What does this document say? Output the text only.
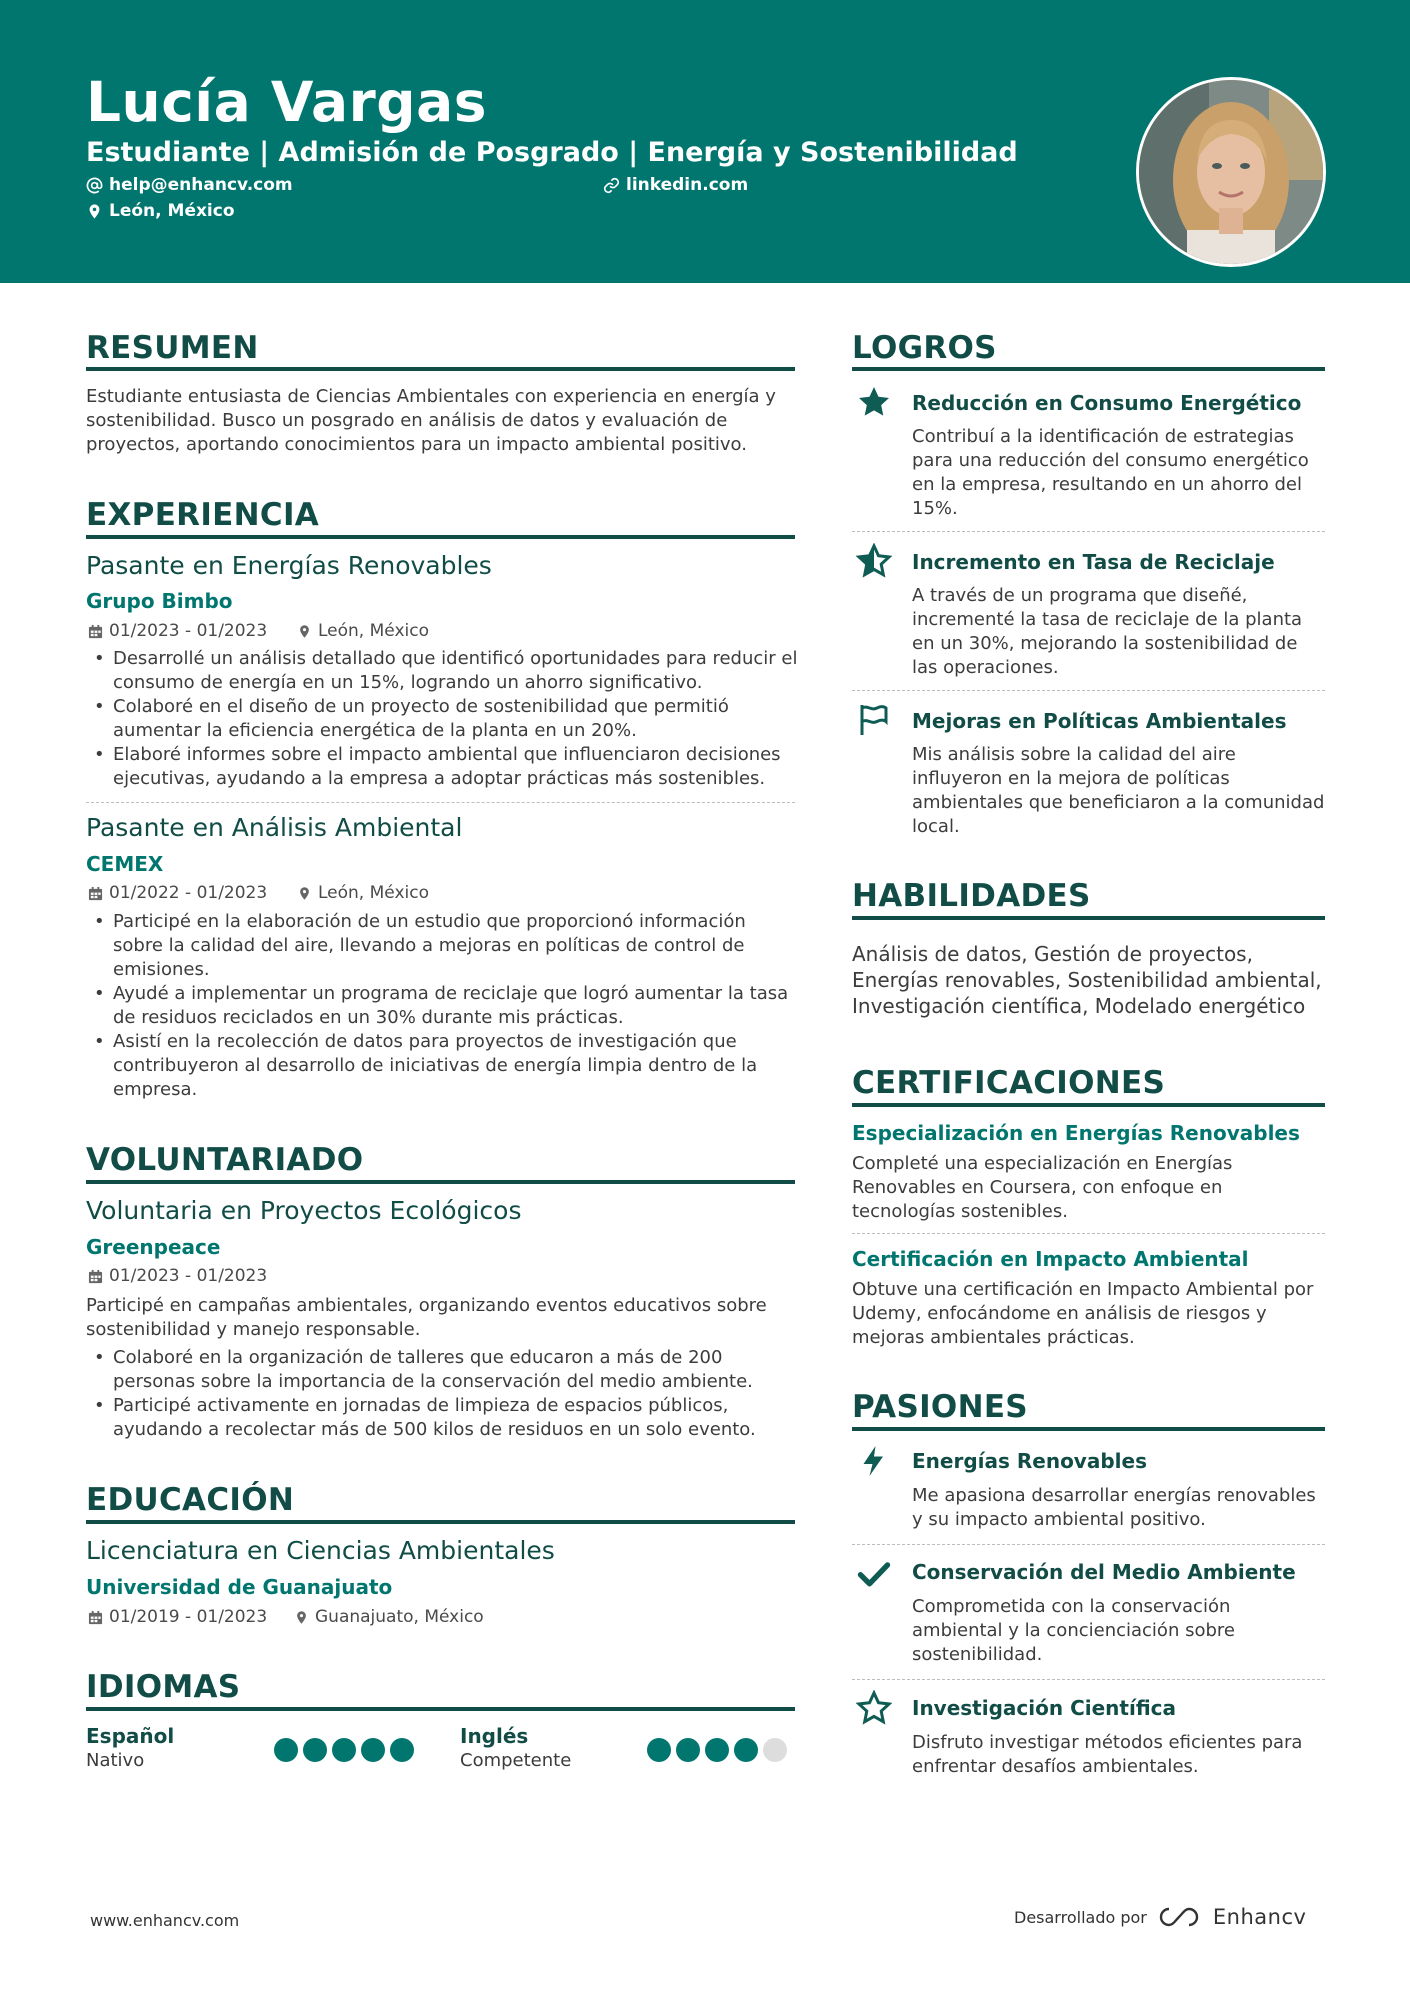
Lucía Vargas
Estudiante | Admisión de Posgrado | Energía y Sostenibilidad
help@enhancv.com	linkedin.com
León, México
RESUMEN
Estudiante entusiasta de Ciencias Ambientales con experiencia en energía y sostenibilidad. Busco un posgrado en análisis de datos y evaluación de proyectos, aportando conocimientos para un impacto ambiental positivo.
EXPERIENCIA
Pasante en Energías Renovables
Grupo Bimbo
01/2023 - 01/2023	León, México
• Desarrollé un análisis detallado que identificó oportunidades para reducir el consumo de energía en un 15%, logrando un ahorro significativo.
• Colaboré en el diseño de un proyecto de sostenibilidad que permitió aumentar la eficiencia energética de la planta en un 20%.
• Elaboré informes sobre el impacto ambiental que influenciaron decisiones ejecutivas, ayudando a la empresa a adoptar prácticas más sostenibles.
Pasante en Análisis Ambiental
CEMEX
01/2022 - 01/2023	León, México
• Participé en la elaboración de un estudio que proporcionó información sobre la calidad del aire, llevando a mejoras en políticas de control de emisiones.
• Ayudé a implementar un programa de reciclaje que logró aumentar la tasa de residuos reciclados en un 30% durante mis prácticas.
• Asistí en la recolección de datos para proyectos de investigación que contribuyeron al desarrollo de iniciativas de energía limpia dentro de la empresa.
VOLUNTARIADO
Voluntaria en Proyectos Ecológicos
Greenpeace
01/2023 - 01/2023
Participé en campañas ambientales, organizando eventos educativos sobre sostenibilidad y manejo responsable.
• Colaboré en la organización de talleres que educaron a más de 200 personas sobre la importancia de la conservación del medio ambiente.
• Participé activamente en jornadas de limpieza de espacios públicos, ayudando a recolectar más de 500 kilos de residuos en un solo evento.
EDUCACIÓN
Licenciatura en Ciencias Ambientales
Universidad de Guanajuato
01/2019 - 01/2023	Guanajuato, México
IDIOMAS
Español
Nativo
Inglés
Competente
LOGROS
Reducción en Consumo Energético
Contribuí a la identificación de estrategias para una reducción del consumo energético en la empresa, resultando en un ahorro del 15%.
Incremento en Tasa de Reciclaje
A través de un programa que diseñé, incrementé la tasa de reciclaje de la planta en un 30%, mejorando la sostenibilidad de las operaciones.
Mejoras en Políticas Ambientales
Mis análisis sobre la calidad del aire influyeron en la mejora de políticas ambientales que beneficiaron a la comunidad local.
HABILIDADES
Análisis de datos, Gestión de proyectos, Energías renovables, Sostenibilidad ambiental, Investigación científica, Modelado energético
CERTIFICACIONES
Especialización en Energías Renovables
Completé una especialización en Energías Renovables en Coursera, con enfoque en tecnologías sostenibles.
Certificación en Impacto Ambiental
Obtuve una certificación en Impacto Ambiental por Udemy, enfocándome en análisis de riesgos y mejoras ambientales prácticas.
PASIONES
Energías Renovables
Me apasiona desarrollar energías renovables y su impacto ambiental positivo.
Conservación del Medio Ambiente
Comprometida con la conservación ambiental y la concienciación sobre sostenibilidad.
Investigación Científica
Disfruto investigar métodos eficientes para enfrentar desafíos ambientales.
www.enhancv.com	Desarrollado por	Enhancv
